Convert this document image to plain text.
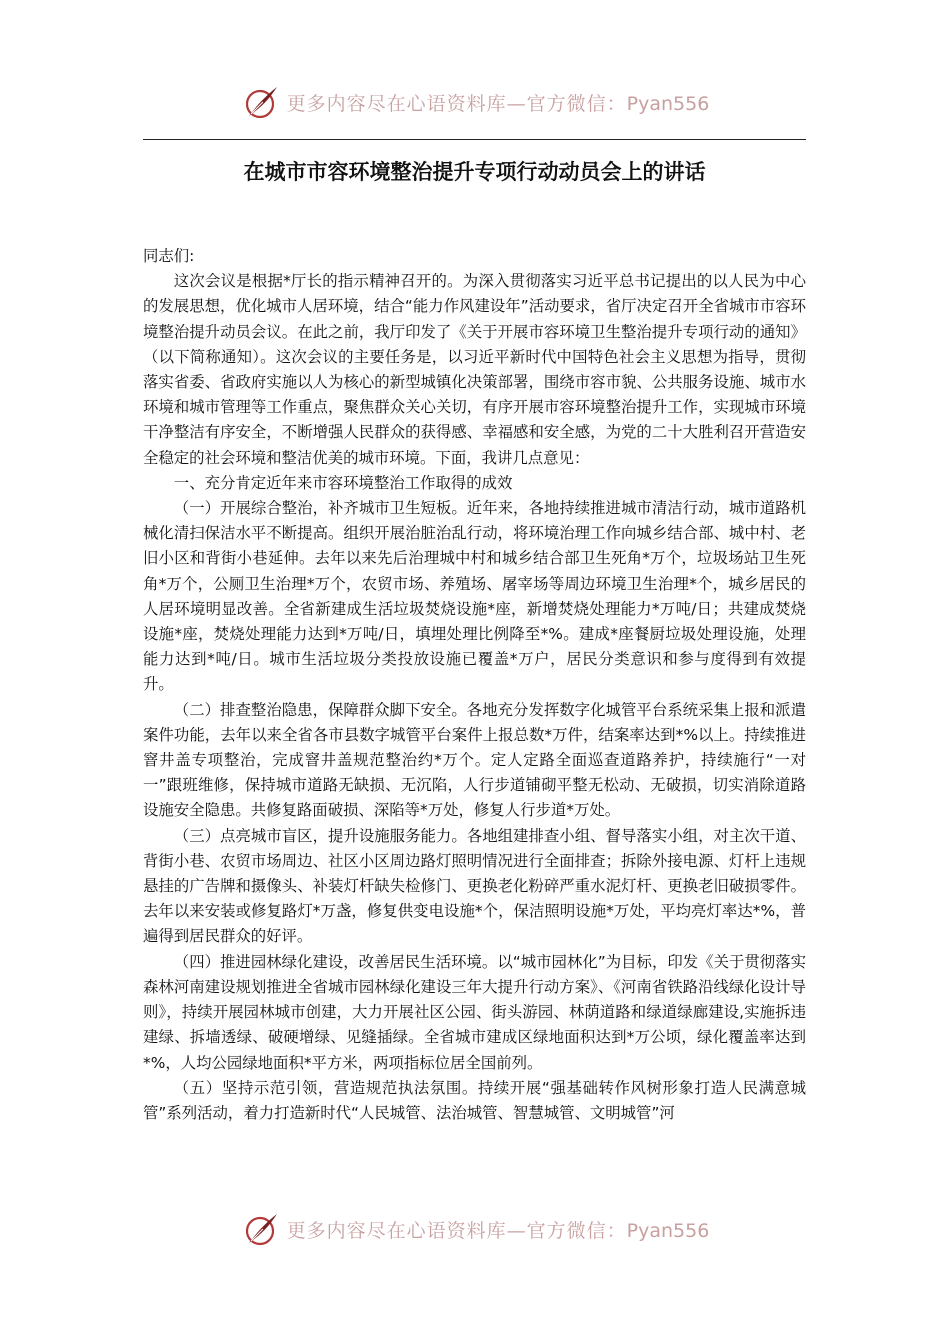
更多内容尽在心语资料库—官方微信：Pyan556
在城市市容环境整治提升专项行动动员会上的讲话

同志们:

这次会议是根据*厅长的指示精神召开的。为深入贯彻落实习近平总书记提出的以人民为中心的发展思想，优化城市人居环境，结合“能力作风建设年”活动要求，省厅决定召开全省城市市容环境整治提升动员会议。在此之前，我厅印发了《关于开展市容环境卫生整治提升专项行动的通知》（以下简称通知）。这次会议的主要任务是，以习近平新时代中国特色社会主义思想为指导，贯彻落实省委、省政府实施以人为核心的新型城镇化决策部署，围绕市容市貌、公共服务设施、城市水环境和城市管理等工作重点，聚焦群众关心关切，有序开展市容环境整治提升工作，实现城市环境干净整洁有序安全，不断增强人民群众的获得感、幸福感和安全感，为党的二十大胜利召开营造安全稳定的社会环境和整洁优美的城市环境。下面，我讲几点意见：

一、充分肯定近年来市容环境整治工作取得的成效

（一）开展综合整治，补齐城市卫生短板。近年来，各地持续推进城市清洁行动，城市道路机械化清扫保洁水平不断提高。组织开展治脏治乱行动，将环境治理工作向城乡结合部、城中村、老旧小区和背街小巷延伸。去年以来先后治理城中村和城乡结合部卫生死角*万个，垃圾场站卫生死角*万个，公厕卫生治理*万个，农贸市场、养殖场、屠宰场等周边环境卫生治理*个，城乡居民的人居环境明显改善。全省新建成生活垃圾焚烧设施*座，新增焚烧处理能力*万吨/日；共建成焚烧设施*座，焚烧处理能力达到*万吨/日，填埋处理比例降至*%。建成*座餐厨垃圾处理设施，处理能力达到*吨/日。城市生活垃圾分类投放设施已覆盖*万户，居民分类意识和参与度得到有效提升。

（二）排查整治隐患，保障群众脚下安全。各地充分发挥数字化城管平台系统采集上报和派遣案件功能，去年以来全省各市县数字城管平台案件上报总数*万件，结案率达到*%以上。持续推进窨井盖专项整治，完成窨井盖规范整治约*万个。定人定路全面巡查道路养护，持续施行“一对一”跟班维修，保持城市道路无缺损、无沉陷，人行步道铺砌平整无松动、无破损，切实消除道路设施安全隐患。共修复路面破损、深陷等*万处，修复人行步道*万处。

（三）点亮城市盲区，提升设施服务能力。各地组建排查小组、督导落实小组，对主次干道、背街小巷、农贸市场周边、社区小区周边路灯照明情况进行全面排查；拆除外接电源、灯杆上违规悬挂的广告牌和摄像头、补装灯杆缺失检修门、更换老化粉碎严重水泥灯杆、更换老旧破损零件。去年以来安装或修复路灯*万盏，修复供变电设施*个，保洁照明设施*万处，平均亮灯率达*%，普遍得到居民群众的好评。

（四）推进园林绿化建设，改善居民生活环境。以“城市园林化”为目标，印发《关于贯彻落实森林河南建设规划推进全省城市园林绿化建设三年大提升行动方案》、《河南省铁路沿线绿化设计导则》，持续开展园林城市创建，大力开展社区公园、街头游园、林荫道路和绿道绿廊建设,实施拆违建绿、拆墙透绿、破硬增绿、见缝插绿。全省城市建成区绿地面积达到*万公顷，绿化覆盖率达到*%，人均公园绿地面积*平方米，两项指标位居全国前列。

（五）坚持示范引领，营造规范执法氛围。持续开展“强基础转作风树形象打造人民满意城管”系列活动，着力打造新时代“人民城管、法治城管、智慧城管、文明城管”河

更多内容尽在心语资料库—官方微信：Pyan556
